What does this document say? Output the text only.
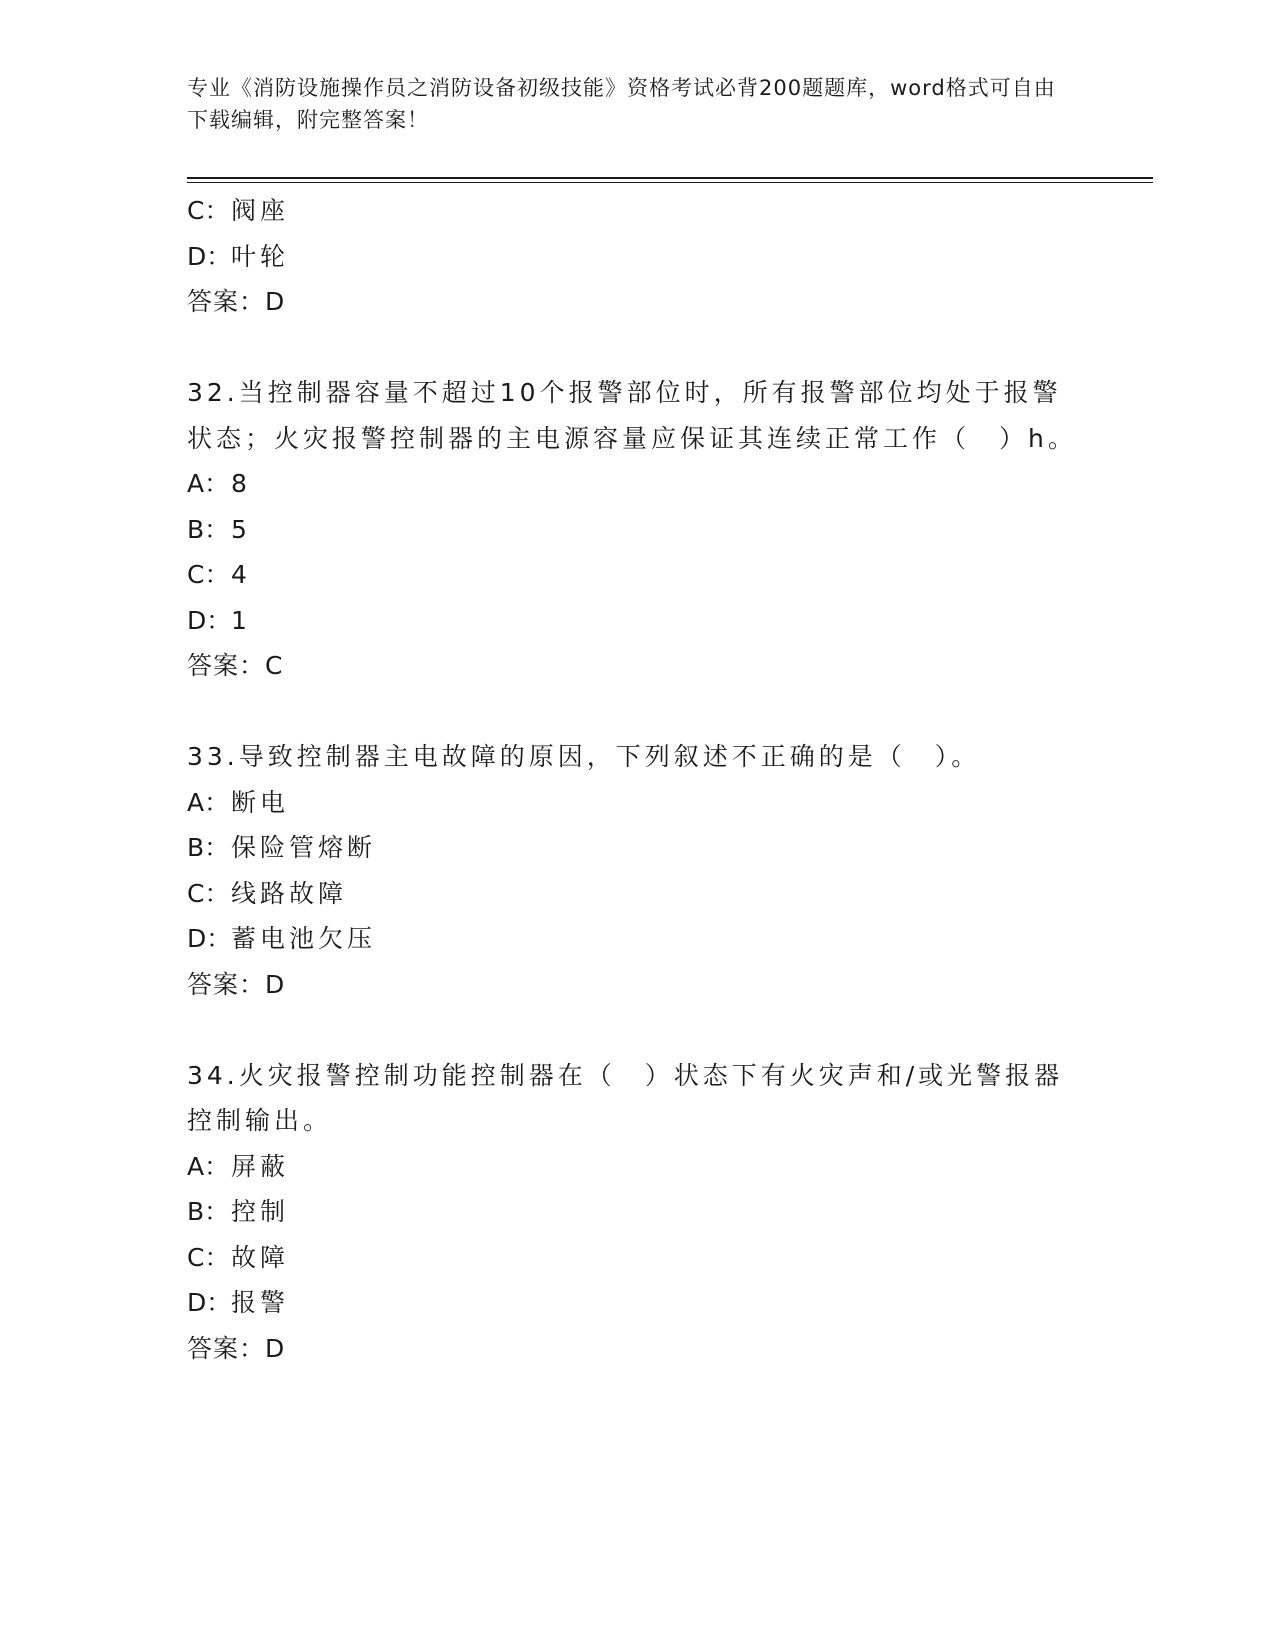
专业《消防设施操作员之消防设备初级技能》资格考试必背200题题库，word格式可自由下载编辑，附完整答案！
C：阀座
D：叶轮
答案：D
32.当控制器容量不超过10个报警部位时，所有报警部位均处于报警
状态；火灾报警控制器的主电源容量应保证其连续正常工作（　）h。
A：8
B：5
C：4
D：1
答案：C
33.导致控制器主电故障的原因，下列叙述不正确的是（　）。
A：断电
B：保险管熔断
C：线路故障
D：蓄电池欠压
答案：D
34.火灾报警控制功能控制器在（　）状态下有火灾声和/或光警报器
控制输出。
A：屏蔽
B：控制
C：故障
D：报警
答案：D
